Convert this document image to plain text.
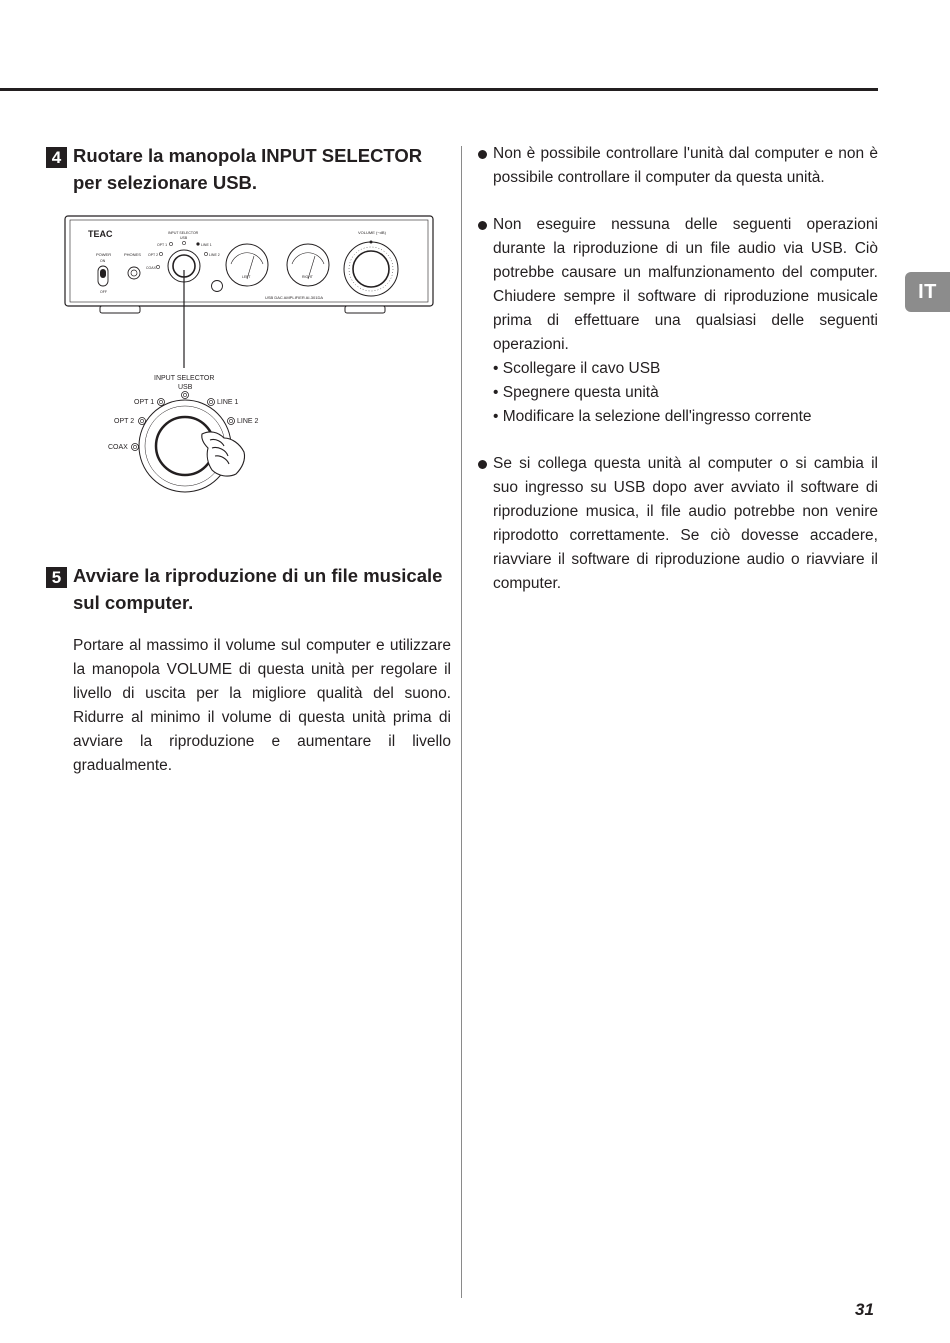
IT
4 Ruotare la manopola INPUT SELECTOR per selezionare USB.
TEAC
POWER
ON
OFF
PHONES
INPUT SELECTOR
USB
OPT 1
OPT 2
COAX
LINE 1
LINE 2
LEFT	RIGHT
VOLUME (−dB)
USB DAC AMPLIFIER AI-301DA
INPUT SELECTOR
USB
OPT 1
OPT 2
COAX
LINE 1
LINE 2
5 Avviare la riproduzione di un file musicale sul computer.
Portare al massimo il volume sul computer e utilizzare la manopola VOLUME di questa unità per regolare il livello di uscita per la migliore qualità del suono. Ridurre al minimo il volume di questa unità prima di avviare la riproduzione e aumentare il livello gradualmente.
Non è possibile controllare l'unità dal computer e non è possibile controllare il computer da questa unità.
Non eseguire nessuna delle seguenti operazioni durante la riproduzione di un file audio via USB. Ciò potrebbe causare un malfunzionamento del computer. Chiudere sempre il software di riproduzione musicale prima di effettuare una qualsiasi delle seguenti operazioni.
• Scollegare il cavo USB
• Spegnere questa unità
• Modificare la selezione dell'ingresso corrente
Se si collega questa unità al computer o si cambia il suo ingresso su USB dopo aver avviato il software di riproduzione musica, il file audio potrebbe non venire riprodotto correttamente. Se ciò dovesse accadere, riavviare il software di riproduzione audio o riavviare il computer.
31
